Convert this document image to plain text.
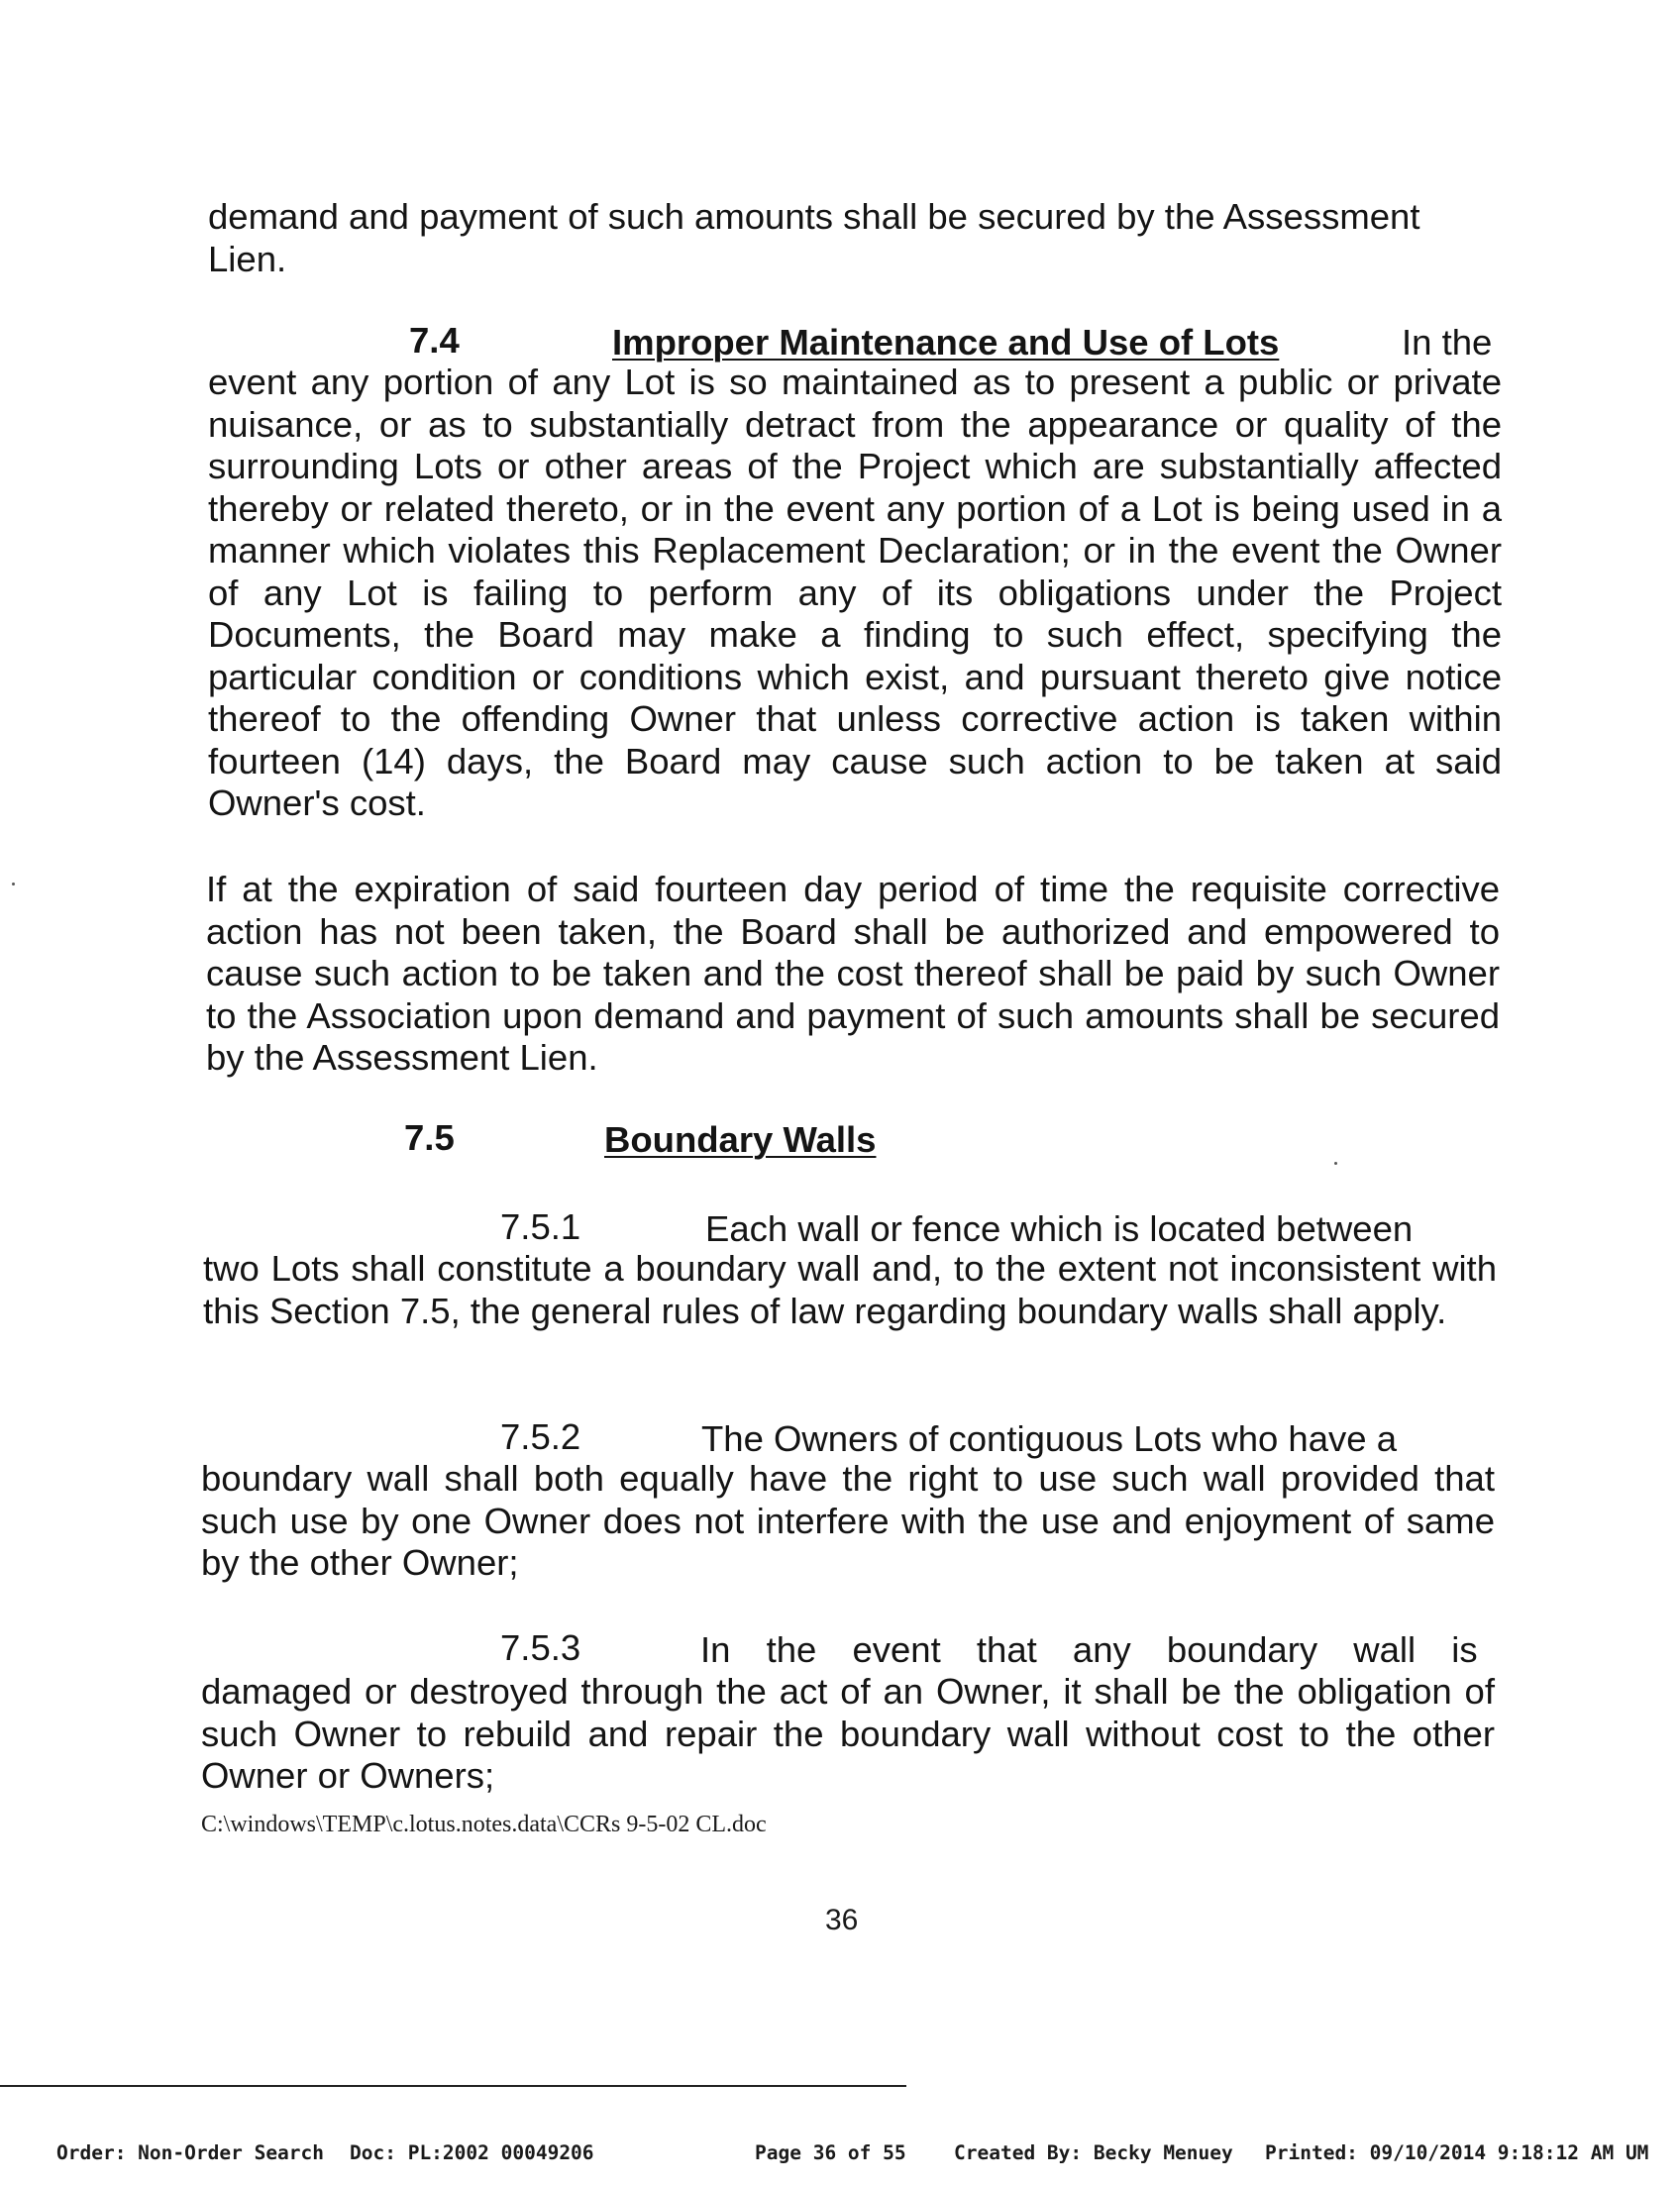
demand and payment of such amounts shall be secured by the Assessment Lien.

7.4	Improper Maintenance and Use of Lots	In the

event any portion of any Lot is so maintained as to present a public or private nuisance, or as to substantially detract from the appearance or quality of the surrounding Lots or other areas of the Project which are substantially affected thereby or related thereto, or in the event any portion of a Lot is being used in a manner which violates this Replacement Declaration; or in the event the Owner of any Lot is failing to perform any of its obligations under the Project Documents, the Board may make a finding to such effect, specifying the particular condition or conditions which exist, and pursuant thereto give notice thereof to the offending Owner that unless corrective action is taken within fourteen (14) days, the Board may cause such action to be taken at said Owner's cost.

If at the expiration of said fourteen day period of time the requisite corrective action has not been taken, the Board shall be authorized and empowered to cause such action to be taken and the cost thereof shall be paid by such Owner to the Association upon demand and payment of such amounts shall be secured by the Assessment Lien.

7.5	Boundary Walls
7.5.1	Each wall or fence which is located between

two Lots shall constitute a boundary wall and, to the extent not inconsistent with this Section 7.5, the general rules of law regarding boundary walls shall apply.

7.5.2	The Owners of contiguous Lots who have a

boundary wall shall both equally have the right to use such wall provided that such use by one Owner does not interfere with the use and enjoyment of same by the other Owner;

7.5.3	In the event that any boundary wall is

damaged or destroyed through the act of an Owner, it shall be the obligation of such Owner to rebuild and repair the boundary wall without cost to the other Owner or Owners;

C:\windows\TEMP\c.lotus.notes.data\CCRs 9-5-02 CL.doc
36
Order: Non-Order Search Doc: PL:2002 00049206	Page 36 of 55 Created By: Becky Menuey Printed: 09/10/2014 9:18:12 AM UM
